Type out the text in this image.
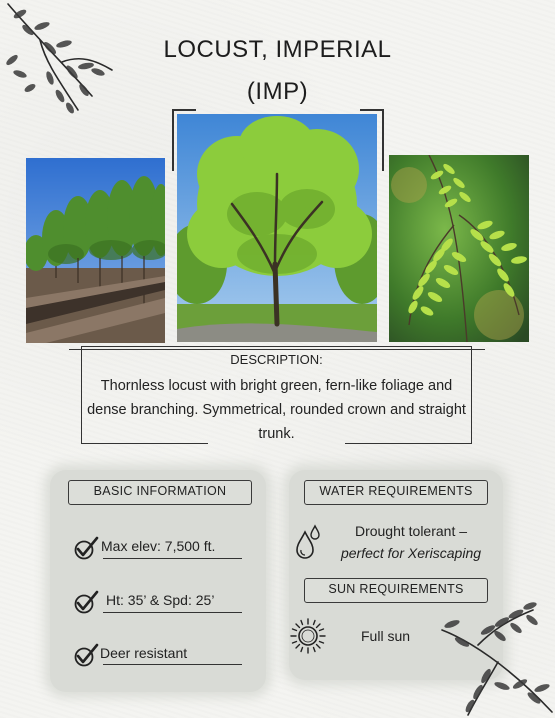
LOCUST, IMPERIAL
(IMP)
DESCRIPTION:
Thornless locust with bright green, fern-like foliage and dense branching. Symmetrical, rounded crown and straight trunk.
BASIC INFORMATION	WATER REQUIREMENTS
SUN REQUIREMENTS
Max elev: 7,500 ft.
Ht: 35’ & Spd: 25’
Deer resistant
Drought tolerant –
perfect for Xeriscaping
Full sun
